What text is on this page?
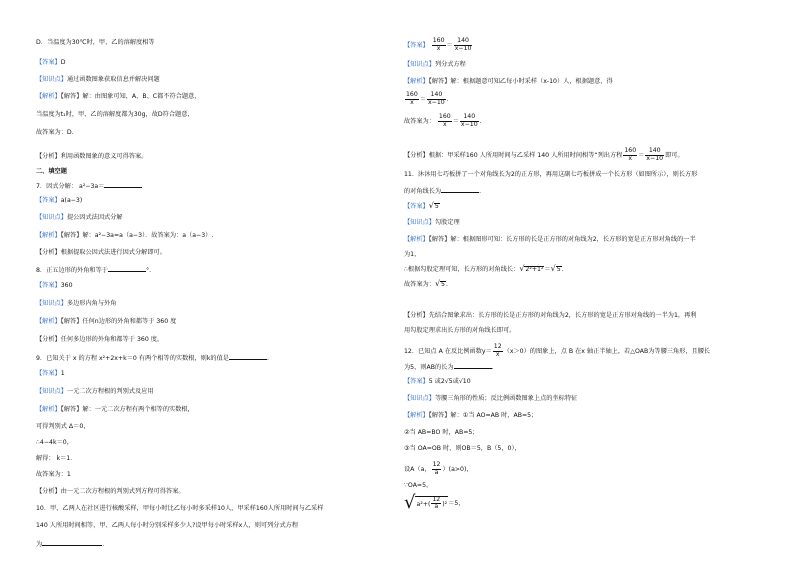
D．当温度为30℃时，甲、乙的溶解度相等
【答案】D
【知识点】通过函数图象获取信息并解决问题
【解析】【解答】解：由图象可知，A、B、C都不符合题意，
当温度为t₁时，甲、乙的溶解度都为30g，故D符合题意，
故答案为：D．
【分析】利用函数图象的意义可得答案。
二、填空题
7．因式分解： a²−3a＝
【答案】a(a−3)
【知识点】提公因式法因式分解
【解析】【解答】解：a²−3a=a（a−3）．故答案为：a（a−3）.
【分析】根据提取公因式法进行因式分解即可。
8．正五边形的外角和等于	°.
【答案】360
【知识点】多边形内角与外角
【解析】【解答】任何n边形的外角和都等于 360 度
【分析】任何多边形的外角和都等于 360 度。
9．已知关于 x 的方程 x²+2x+k＝0 有两个相等的实数根，则k的值是	.
【答案】1
【知识点】一元二次方程根的判别式及应用
【解析】【解答】解：一元二次方程有两个相等的实数根，
可得判别式 Δ＝0，
∴4−4k＝0，
解得： k＝1．
故答案为：1
【分析】由一元二次方程根的判别式列方程可得答案。
10．甲、乙两人在社区进行核酸采样，甲每小时比乙每小时多采样10人，甲采样160人所用时间与乙采样
140 人所用时间相等，甲、乙两人每小时分别采样多少人?设甲每小时采样x人，则可列分式方程
为	.
【答案】 $\frac{160}{x} = \frac{140}{x-10}$
【知识点】列分式方程
【解析】【解答】解：根据题意可知乙每小时采样（x-10）人，根据题意，得
$\frac{160}{x} = \frac{140}{x-10}$ .
故答案为： $\frac{160}{x} = \frac{140}{x-10}$ .
【分析】根据：甲采样160 人所用时间与乙采样 140 人所用时间相等“列出方程 $\frac{160}{x} = \frac{140}{x-10}$ 即可。
11．沐沐用七巧板拼了一个对角线长为2的正方形，再用这副七巧板拼成一个长方形（如图所示），则长方形
的对角线长为	.
【答案】√5
【知识点】勾股定理
【解析】【解答】解：根据图形可知：长方形的长是正方形的对角线为2，长方形的宽是正方形对角线的一半
为1，
∴根据勾股定理可知，长方形的对角线长：√2²+1²＝√5．
故答案为：√5.
【分析】先结合图象求出：长方形的长是正方形的对角线为2，长方形的宽是正方形对角线的一半为1，再利
用勾股定理求出长方形的对角线长即可。
12．已知点 A 在反比例函数$y= \frac{12}{x} (x>0)$的图象上，点 B 在x 轴正半轴上，若△OAB为等腰三角形，且腰长
为5，则AB的长为	.
【答案】5 或2√5或√10
【知识点】等腰三角形的性质；反比例函数图象上点的坐标特征
【解析】【解答】解：①当 AO=AB 时，AB=5；
②当 AB=BO 时，AB=5；
③当 OA=OB 时，则OB＝5，B（5，0），
设A（a， $\frac{12}{a} )(a>0)$，
∵OA=5，
$√a^2+( \frac{12}{a} )^2=5$，
